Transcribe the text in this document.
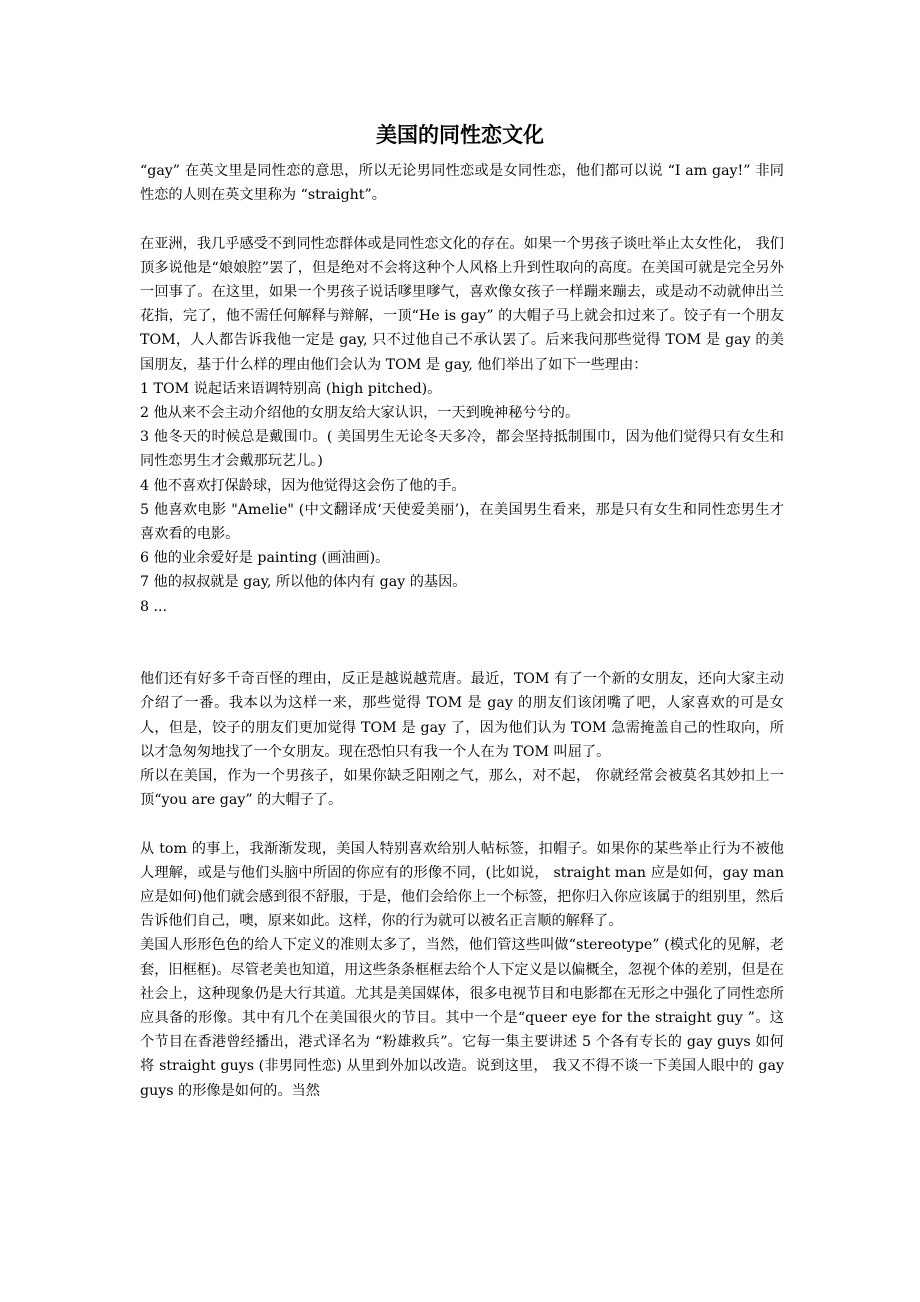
美国的同性恋文化

“gay” 在英文里是同性恋的意思，所以无论男同性恋或是女同性恋，他们都可以说 “I am gay!” 非同性恋的人则在英文里称为 “straight”。

在亚洲，我几乎感受不到同性恋群体或是同性恋文化的存在。如果一个男孩子谈吐举止太女性化， 我们顶多说他是“娘娘腔”罢了，但是绝对不会将这种个人风格上升到性取向的高度。在美国可就是完全另外一回事了。在这里，如果一个男孩子说话嗲里嗲气，喜欢像女孩子一样蹦来蹦去，或是动不动就伸出兰花指，完了，他不需任何解释与辩解，一顶“He is gay” 的大帽子马上就会扣过来了。饺子有一个朋友 TOM，人人都告诉我他一定是 gay, 只不过他自己不承认罢了。后来我问那些觉得 TOM 是 gay 的美国朋友，基于什么样的理由他们会认为 TOM 是 gay, 他们举出了如下一些理由：

1 TOM 说起话来语调特别高 (high pitched)。

2 他从来不会主动介绍他的女朋友给大家认识，一天到晚神秘兮兮的。

3 他冬天的时候总是戴围巾。( 美国男生无论冬天多冷，都会坚持抵制围巾，因为他们觉得只有女生和同性恋男生才会戴那玩艺儿。)

4 他不喜欢打保龄球，因为他觉得这会伤了他的手。

5 他喜欢电影 "Amelie" (中文翻译成‘天使爱美丽’)，在美国男生看来，那是只有女生和同性恋男生才喜欢看的电影。

6 他的业余爱好是 painting (画油画)。

7 他的叔叔就是 gay, 所以他的体内有 gay 的基因。

8 ...

他们还有好多千奇百怪的理由，反正是越说越荒唐。最近，TOM 有了一个新的女朋友，还向大家主动介绍了一番。我本以为这样一来，那些觉得 TOM 是 gay 的朋友们该闭嘴了吧，人家喜欢的可是女人，但是，饺子的朋友们更加觉得 TOM 是 gay 了，因为他们认为 TOM 急需掩盖自己的性取向，所以才急匆匆地找了一个女朋友。现在恐怕只有我一个人在为 TOM 叫屈了。

所以在美国，作为一个男孩子，如果你缺乏阳刚之气，那么，对不起， 你就经常会被莫名其妙扣上一顶“you are gay” 的大帽子了。

从 tom 的事上，我渐渐发现，美国人特别喜欢给别人帖标签，扣帽子。如果你的某些举止行为不被他人理解，或是与他们头脑中所固的你应有的形像不同，(比如说， straight man 应是如何，gay man 应是如何)他们就会感到很不舒服，于是，他们会给你上一个标签，把你归入你应该属于的组别里，然后告诉他们自己，噢，原来如此。这样，你的行为就可以被名正言顺的解释了。

美国人形形色色的给人下定义的准则太多了，当然，他们管这些叫做“stereotype” (模式化的见解，老套，旧框框)。尽管老美也知道，用这些条条框框去给个人下定义是以偏概全，忽视个体的差别，但是在社会上，这种现象仍是大行其道。尤其是美国媒体，很多电视节目和电影都在无形之中强化了同性恋所应具备的形像。其中有几个在美国很火的节目。其中一个是“queer eye for the straight guy ”。这个节目在香港曾经播出，港式译名为 “粉雄救兵”。它每一集主要讲述 5 个各有专长的 gay guys 如何将 straight guys (非男同性恋) 从里到外加以改造。说到这里， 我又不得不谈一下美国人眼中的 gay guys 的形像是如何的。当然
